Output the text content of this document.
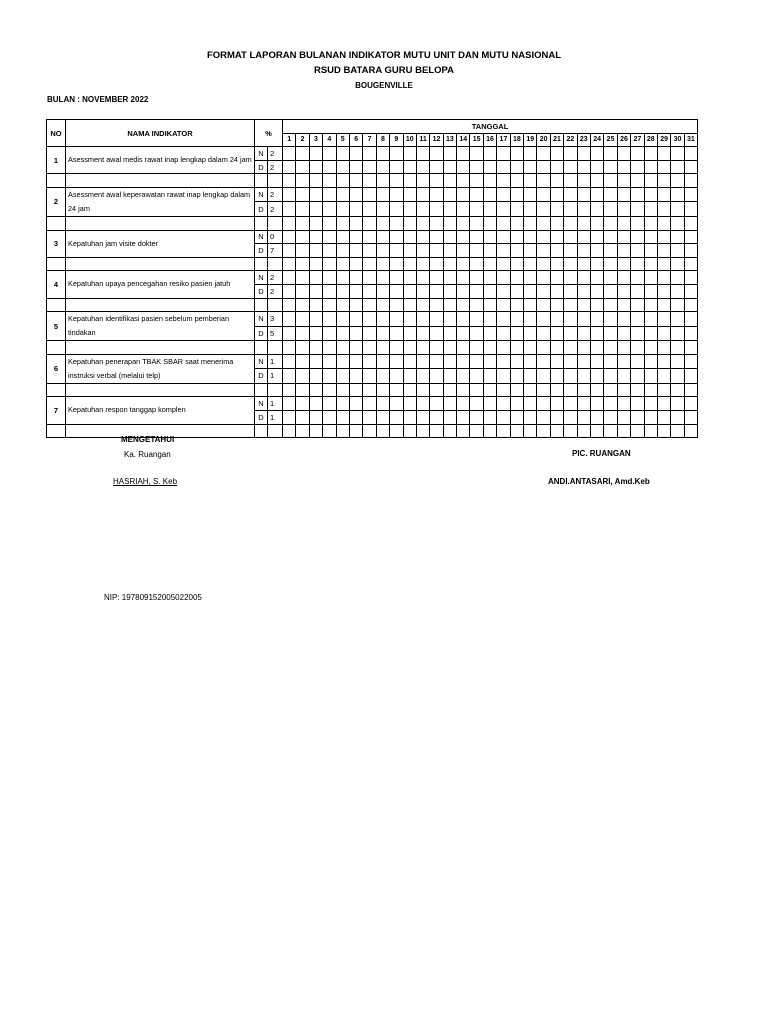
FORMAT LAPORAN BULANAN INDIKATOR MUTU UNIT DAN MUTU NASIONAL
RSUD BATARA GURU BELOPA
BOUGENVILLE
BULAN : NOVEMBER 2022
NO	NAMA INDIKATOR	%		TANGGAL																														
				1	2	3	4	5	6	7	8	9	10	11	12	13	14	15	16	17	18	19	20	21	22	23	24	25	26	27	28	29	30	31
1	Asessment awal medis rawat inap lengkap dalam 24 jam	N	2																															
		D	2																															

2	Asessment awal keperawatan rawat inap lengkap dalam 24 jam	N	2																															
		D	2																															

3	Kepatuhan jam visite dokter	N	0																															
		D	7																															

4	Kepatuhan upaya pencegahan resiko pasien jatuh	N	2																															
		D	2																															

5	Kepatuhan identifikasi pasien sebelum pemberian tindakan	N	3																															
		D	5																															

6	Kepatuhan penerapan TBAK SBAR saat menerima instruksi verbal (melalui telp)	N	1																															
		D	1																															

7	Kepatuhan respon tanggap komplen	N	1																															
		D	1																															

MENGETAHUI
Ka. Ruangan
HASRIAH, S. Keb
PIC. RUANGAN
ANDI.ANTASARI, Amd.Keb
NIP: 197809152005022005
